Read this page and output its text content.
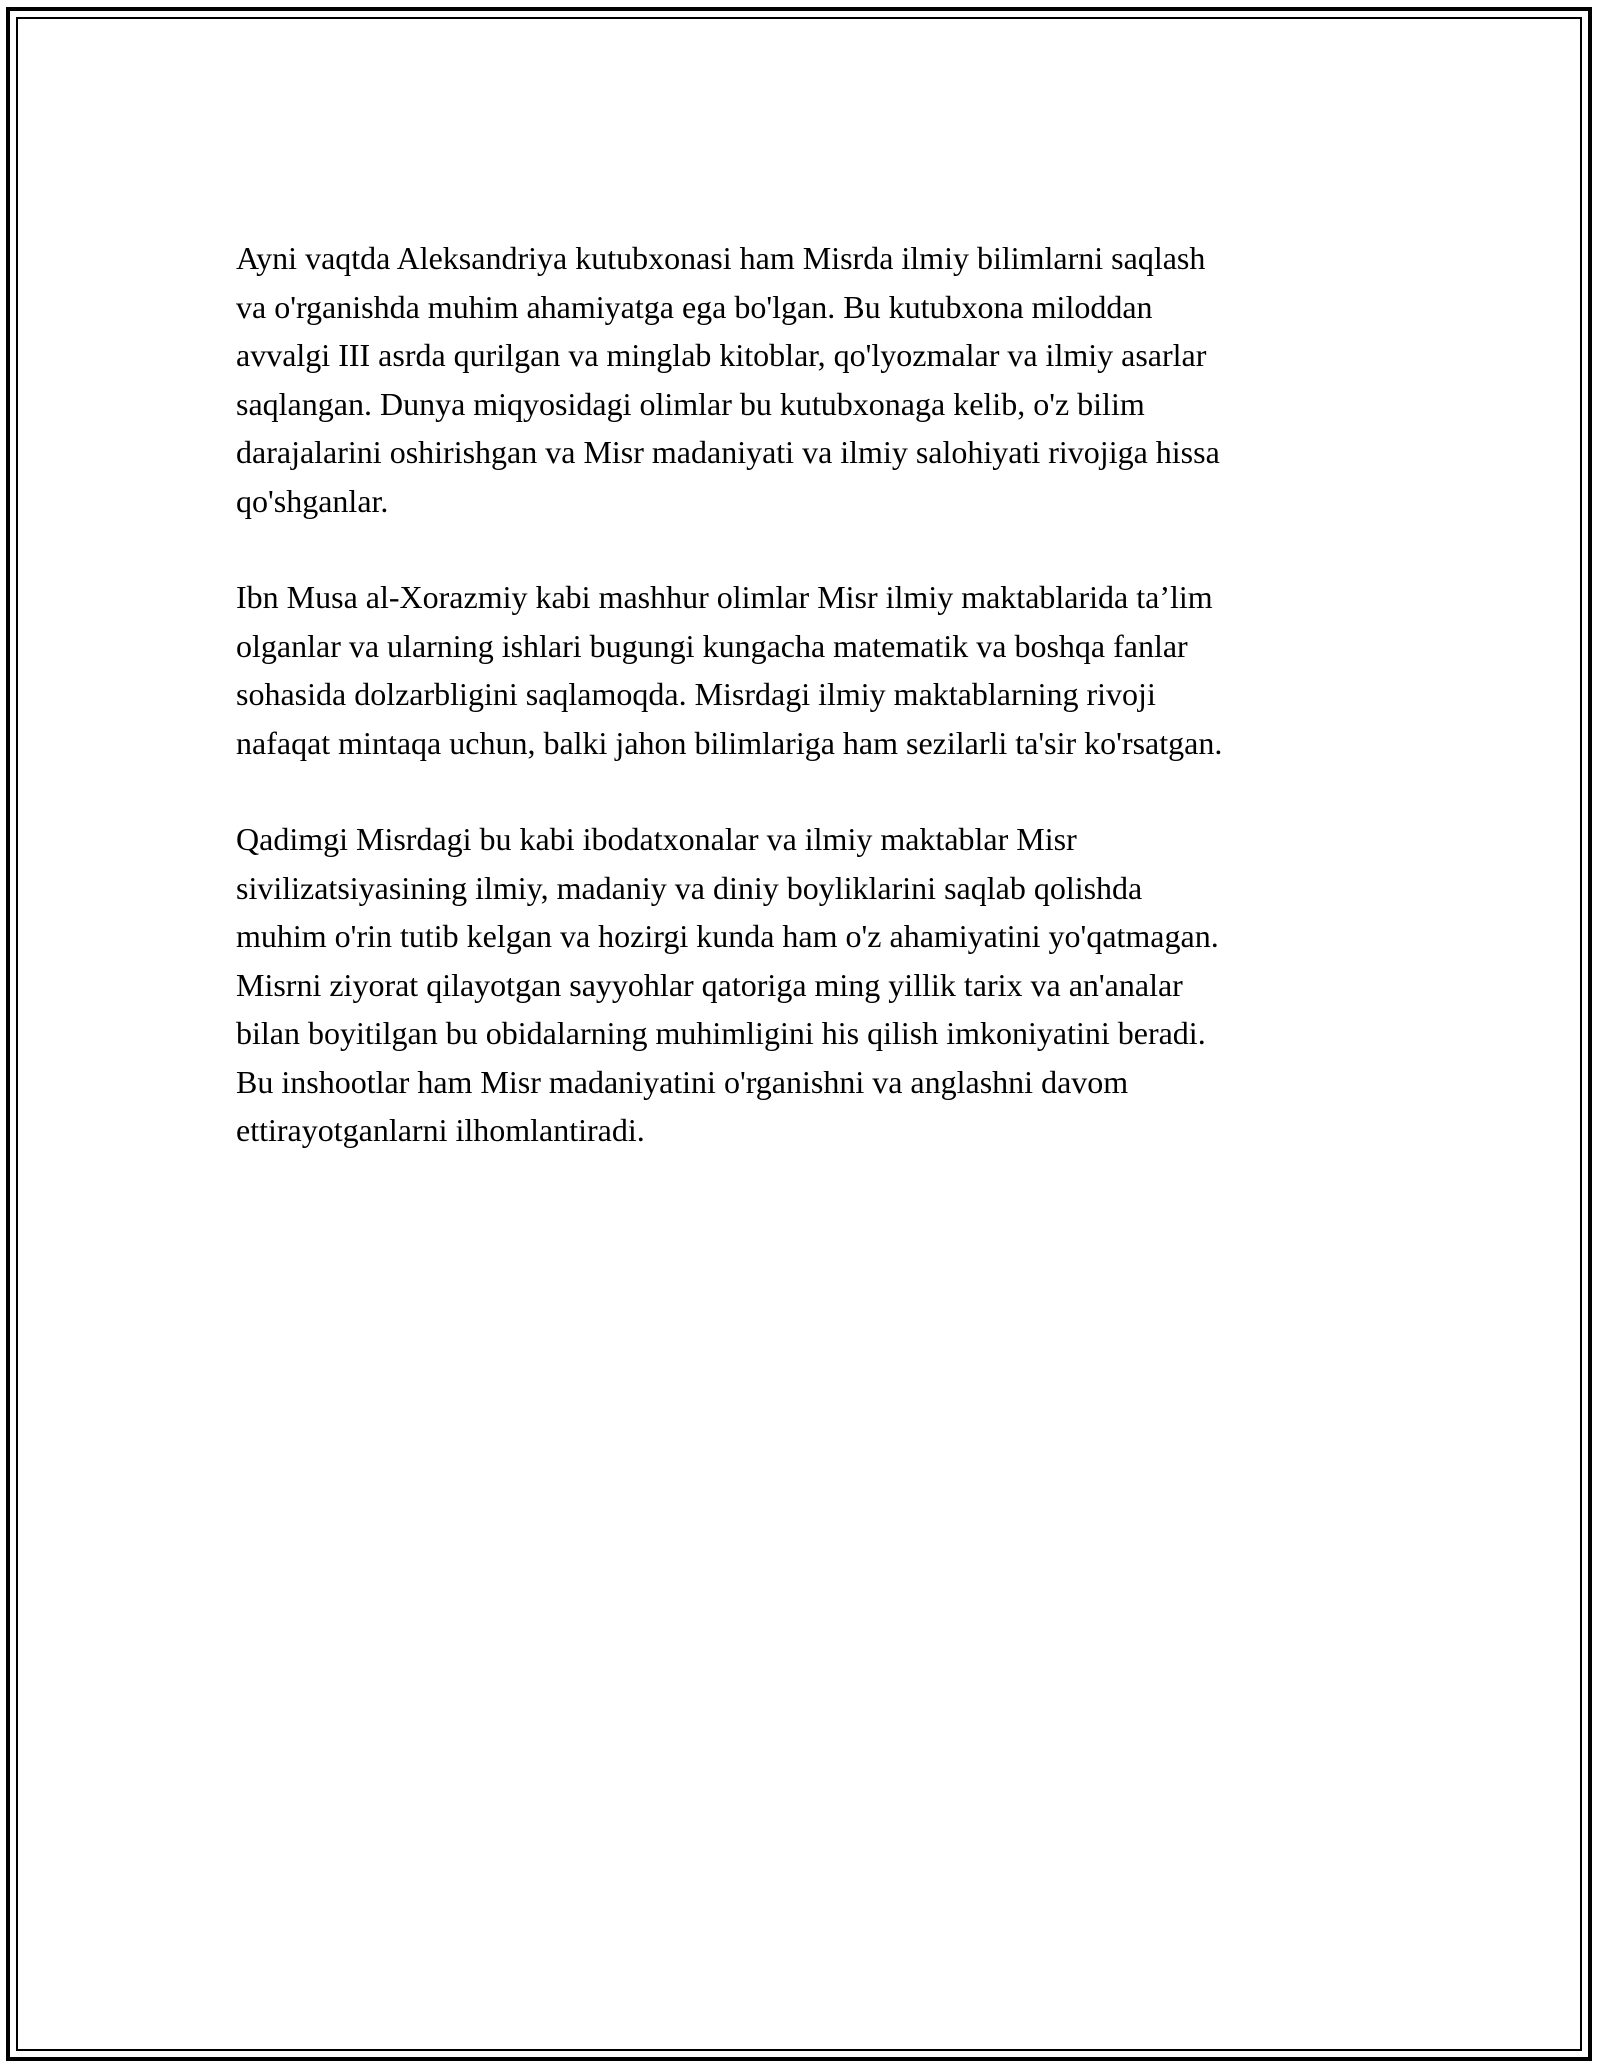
Ayni vaqtda Aleksandriya kutubxonasi ham Misrda ilmiy bilimlarni saqlash
va o'rganishda muhim ahamiyatga ega bo'lgan. Bu kutubxona miloddan
avvalgi III asrda qurilgan va minglab kitoblar, qo'lyozmalar va ilmiy asarlar
saqlangan. Dunya miqyosidagi olimlar bu kutubxonaga kelib, o'z bilim
darajalarini oshirishgan va Misr madaniyati va ilmiy salohiyati rivojiga hissa
qo'shganlar.

Ibn Musa al-Xorazmiy kabi mashhur olimlar Misr ilmiy maktablarida ta’lim
olganlar va ularning ishlari bugungi kungacha matematik va boshqa fanlar
sohasida dolzarbligini saqlamoqda. Misrdagi ilmiy maktablarning rivoji
nafaqat mintaqa uchun, balki jahon bilimlariga ham sezilarli ta'sir ko'rsatgan.

Qadimgi Misrdagi bu kabi ibodatxonalar va ilmiy maktablar Misr
sivilizatsiyasining ilmiy, madaniy va diniy boyliklarini saqlab qolishda
muhim o'rin tutib kelgan va hozirgi kunda ham o'z ahamiyatini yo'qatmagan.
Misrni ziyorat qilayotgan sayyohlar qatoriga ming yillik tarix va an'analar
bilan boyitilgan bu obidalarning muhimligini his qilish imkoniyatini beradi.
Bu inshootlar ham Misr madaniyatini o'rganishni va anglashni davom
ettirayotganlarni ilhomlantiradi.
